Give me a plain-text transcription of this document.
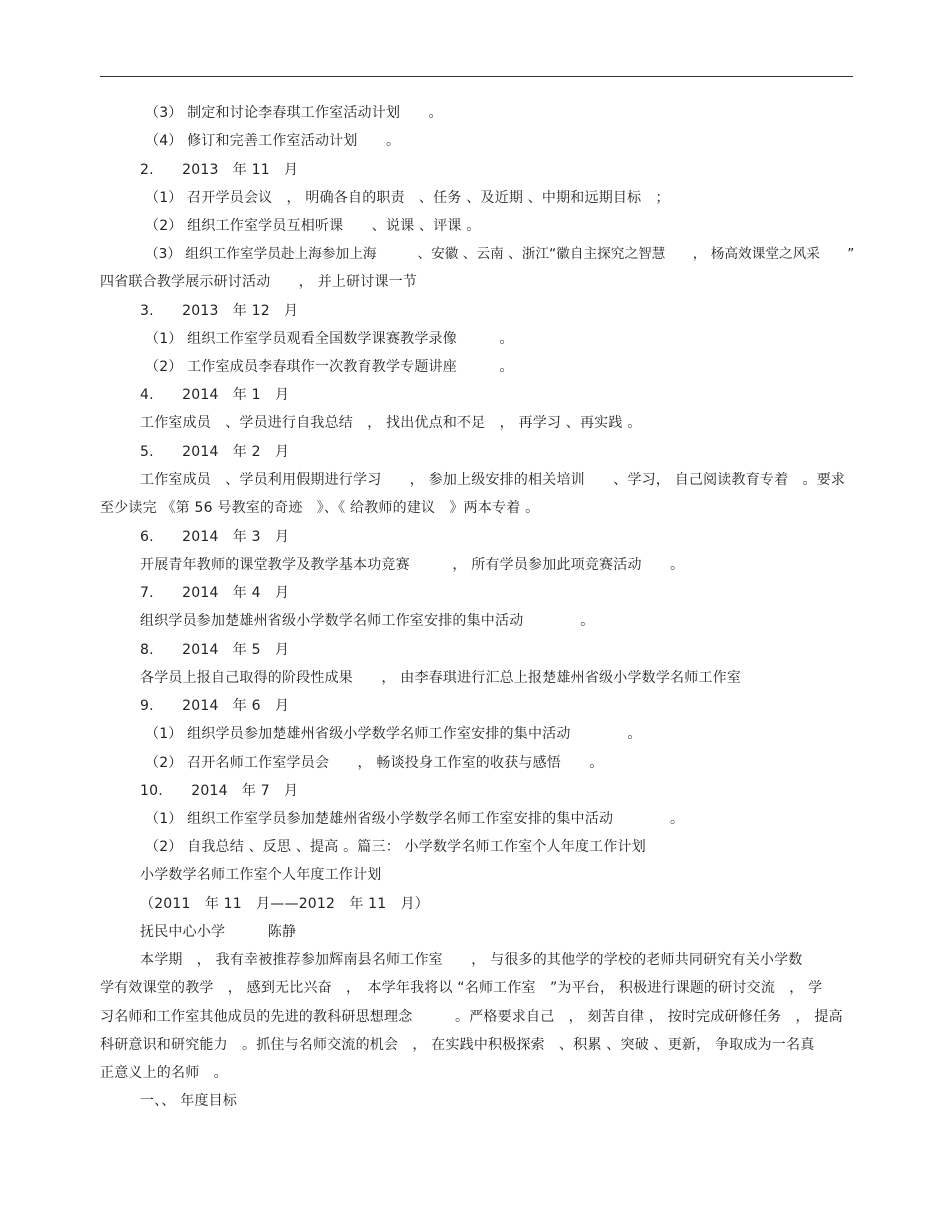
（3） 制定和讨论李春琪工作室活动计划　　。
（4） 修订和完善工作室活动计划　　。
2.　　2013　年 11　月
（1） 召开学员会议　， 明确各自的职责　、任务 、及近期 、中期和远期目标　；
（2） 组织工作室学员互相听课　　、说课 、评课 。
（3） 组织工作室学员赴上海参加上海　　　、安徽 、云南 、浙江“徽自主探究之智慧　　， 杨高效课堂之风采　　”
四省联合教学展示研讨活动　　， 并上研讨课一节
3.　　2013　年 12　月
（1） 组织工作室学员观看全国数学课赛教学录像　　　。
（2） 工作室成员李春琪作一次教育教学专题讲座　　　。
4.　　2014　年 1　月
工作室成员　、学员进行自我总结　， 找出优点和不足　， 再学习 、再实践 。
5.　　2014　年 2　月
工作室成员　、学员利用假期进行学习　　， 参加上级安排的相关培训　　、学习， 自己阅读教育专着　。要求
至少读完 《第 56 号教室的奇迹　》、《 给教师的建议　》两本专着 。
6.　　2014　年 3　月
开展青年教师的课堂教学及教学基本功竞赛　　　， 所有学员参加此项竞赛活动　　。
7.　　2014　年 4　月
组织学员参加楚雄州省级小学数学名师工作室安排的集中活动　　　　。
8.　　2014　年 5　月
各学员上报自己取得的阶段性成果　　， 由李春琪进行汇总上报楚雄州省级小学数学名师工作室
9.　　2014　年 6　月
（1） 组织学员参加楚雄州省级小学数学名师工作室安排的集中活动　　　　。
（2） 召开名师工作室学员会　　， 畅谈投身工作室的收获与感悟　　。
10.　　2014　年 7　月
（1） 组织工作室学员参加楚雄州省级小学数学名师工作室安排的集中活动　　　　。
（2） 自我总结 、反思 、提高 。篇三： 小学数学名师工作室个人年度工作计划
小学数学名师工作室个人年度工作计划
（2011　年 11　月——2012　年 11　月）
抚民中心小学　　　陈静
本学期　， 我有幸被推荐参加辉南县名师工作室　　， 与很多的其他学的学校的老师共同研究有关小学数
学有效课堂的教学　， 感到无比兴奋　，　本学年我将以 “名师工作室　”为平台， 积极进行课题的研讨交流　， 学
习名师和工作室其他成员的先进的教科研思想理念　　　。严格要求自己　， 刻苦自律 ， 按时完成研修任务　， 提高
科研意识和研究能力　。抓住与名师交流的机会　， 在实践中积极探索　、积累 、突破 、更新， 争取成为一名真
正意义上的名师　。
一、、 年度目标
